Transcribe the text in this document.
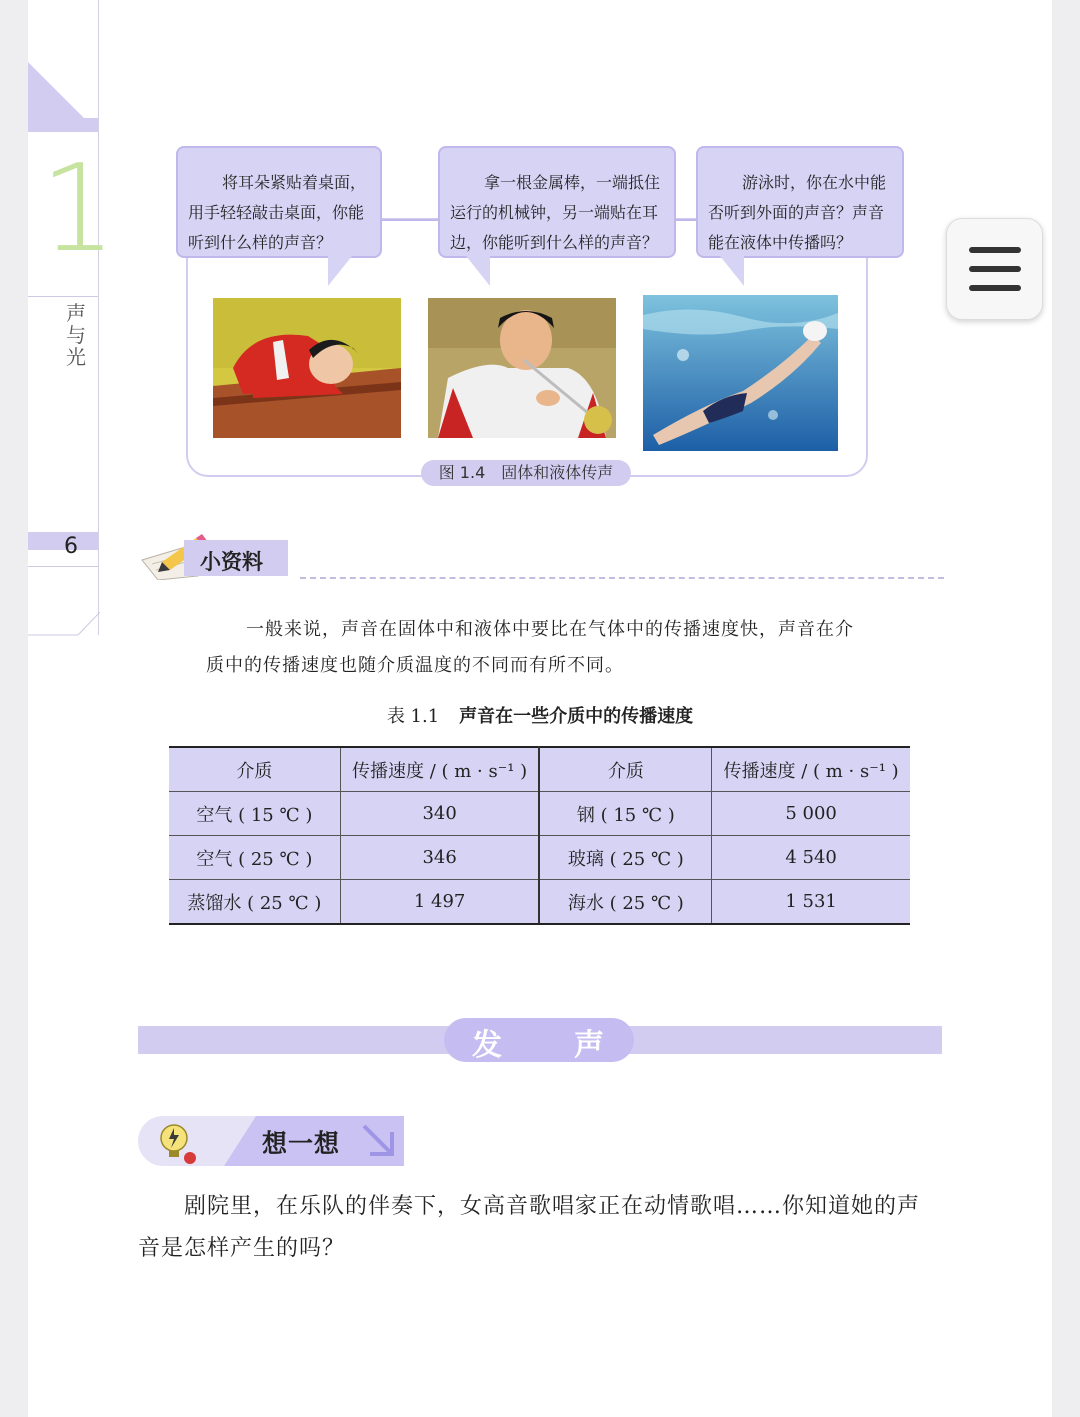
1
声与光
6
将耳朵紧贴着桌面，用手轻轻敲击桌面，你能听到什么样的声音？
拿一根金属棒，一端抵住运行的机械钟，另一端贴在耳边，你能听到什么样的声音？
游泳时，你在水中能否听到外面的声音？声音能在液体中传播吗？
图 1.4　固体和液体传声
小资料
一般来说，声音在固体中和液体中要比在气体中的传播速度快，声音在介
质中的传播速度也随介质温度的不同而有所不同。
表 1.1 声音在一些介质中的传播速度
介质	传播速度 / ( m · s⁻¹ )	介质	传播速度 / ( m · s⁻¹ )
空气 ( 15 ℃ )	340	钢 ( 15 ℃ )	5 000
空气 ( 25 ℃ )	346	玻璃 ( 25 ℃ )	4 540
蒸馏水 ( 25 ℃ )	1 497	海水 ( 25 ℃ )	1 531
发 声
想一想
剧院里，在乐队的伴奏下，女高音歌唱家正在动情歌唱……你知道她的声
音是怎样产生的吗？
